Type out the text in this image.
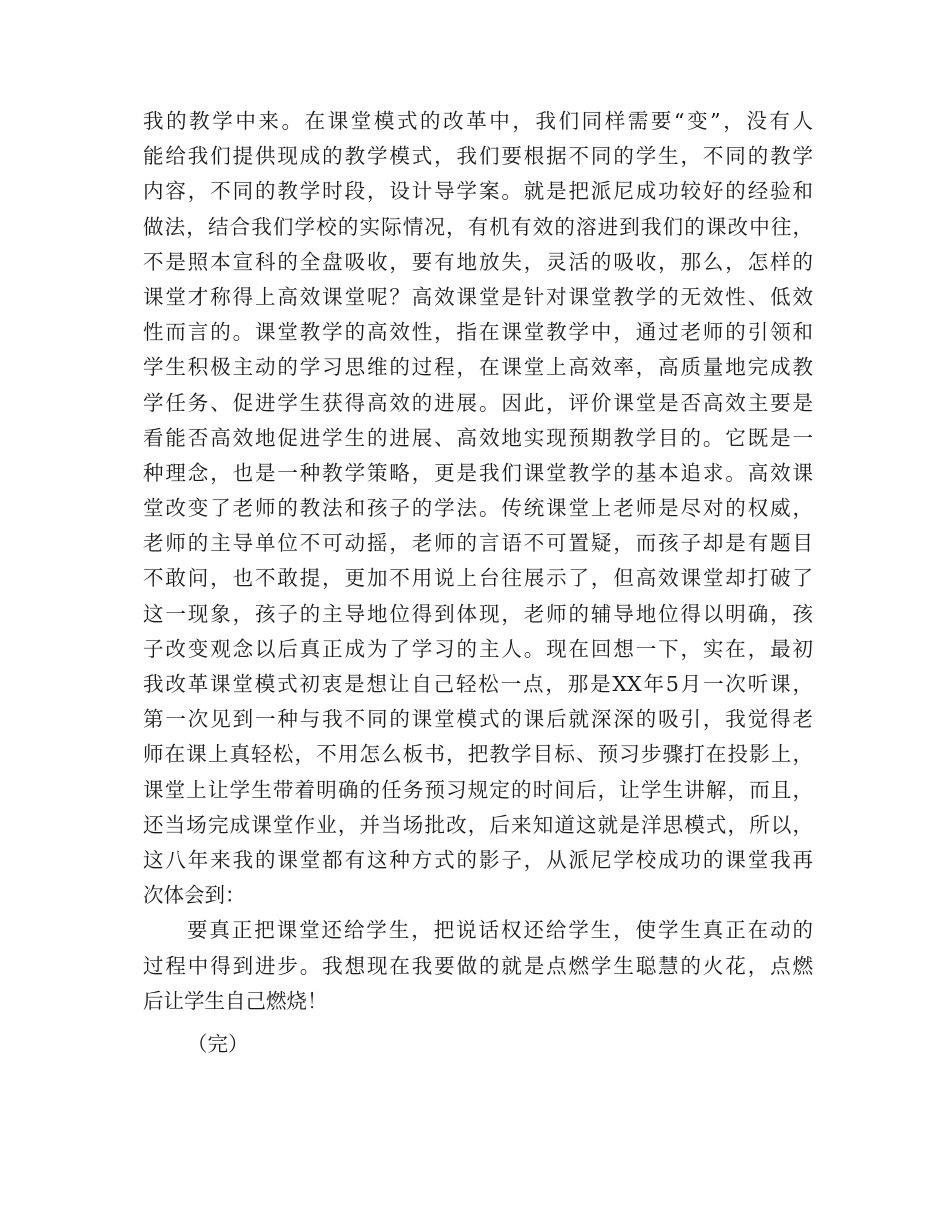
我的教学中来。在课堂模式的改革中，我们同样需要“变”，没有人
能给我们提供现成的教学模式，我们要根据不同的学生，不同的教学
内容，不同的教学时段，设计导学案。就是把派尼成功较好的经验和
做法，结合我们学校的实际情况，有机有效的溶进到我们的课改中往，
不是照本宣科的全盘吸收，要有地放失，灵活的吸收，那么，怎样的
课堂才称得上高效课堂呢？高效课堂是针对课堂教学的无效性、低效
性而言的。课堂教学的高效性，指在课堂教学中，通过老师的引领和
学生积极主动的学习思维的过程，在课堂上高效率，高质量地完成教
学任务、促进学生获得高效的进展。因此，评价课堂是否高效主要是
看能否高效地促进学生的进展、高效地实现预期教学目的。它既是一
种理念，也是一种教学策略，更是我们课堂教学的基本追求。高效课
堂改变了老师的教法和孩子的学法。传统课堂上老师是尽对的权威，
老师的主导单位不可动摇，老师的言语不可置疑，而孩子却是有题目
不敢问，也不敢提，更加不用说上台往展示了，但高效课堂却打破了
这一现象，孩子的主导地位得到体现，老师的辅导地位得以明确，孩
子改变观念以后真正成为了学习的主人。现在回想一下，实在，最初
我改革课堂模式初衷是想让自己轻松一点，那是XX年5月一次听课，
第一次见到一种与我不同的课堂模式的课后就深深的吸引，我觉得老
师在课上真轻松，不用怎么板书，把教学目标、预习步骤打在投影上，
课堂上让学生带着明确的任务预习规定的时间后，让学生讲解，而且，
还当场完成课堂作业，并当场批改，后来知道这就是洋思模式，所以，
这八年来我的课堂都有这种方式的影子，从派尼学校成功的课堂我再
次体会到：
要真正把课堂还给学生，把说话权还给学生，使学生真正在动的
过程中得到进步。我想现在我要做的就是点燃学生聪慧的火花，点燃
后让学生自己燃烧！
（完）
